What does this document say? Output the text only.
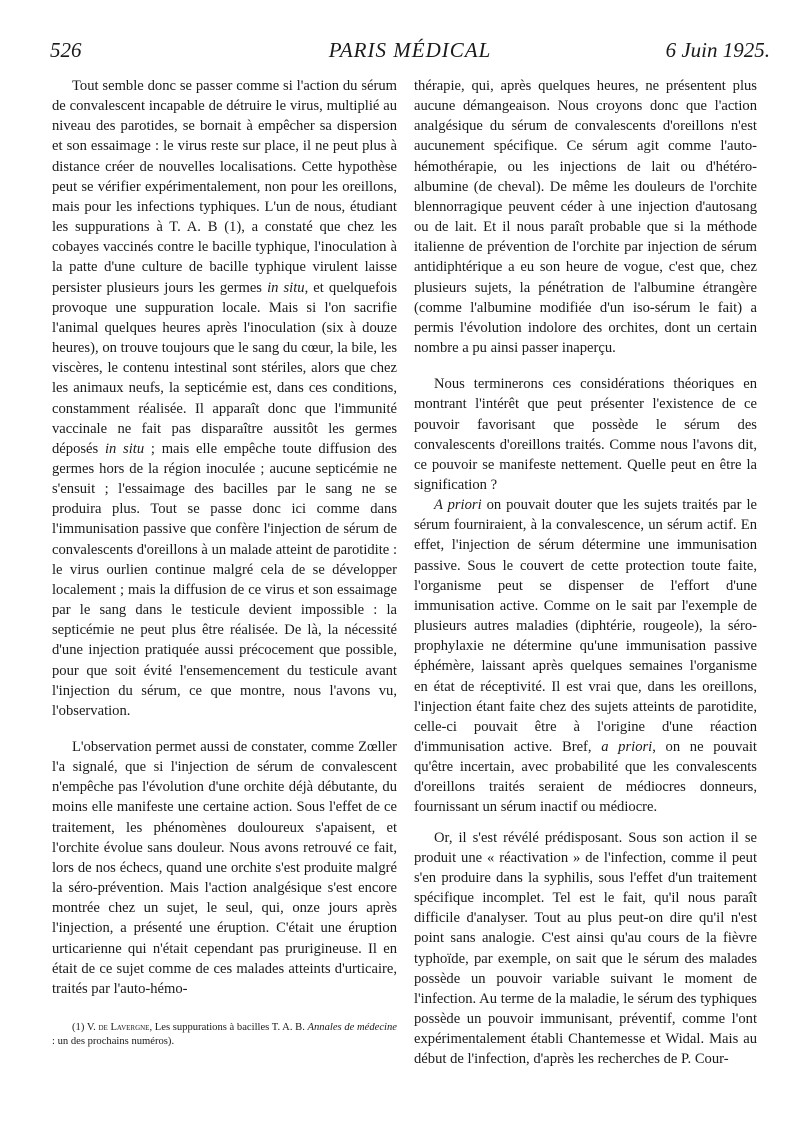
526	PARIS MÉDICAL	6 Juin 1925.

Tout semble donc se passer comme si l'action du sérum de convalescent incapable de détruire le virus, multiplié au niveau des parotides, se bornait à empêcher sa dispersion et son essaimage : le virus reste sur place, il ne peut plus à distance créer de nouvelles localisations. Cette hypothèse peut se vérifier expérimentalement, non pour les oreillons, mais pour les infections typhiques. L'un de nous, étudiant les suppurations à T. A. B (1), a constaté que chez les cobayes vaccinés contre le bacille typhique, l'inoculation à la patte d'une culture de bacille typhique virulent laisse persister plusieurs jours les germes in situ, et quelquefois provoque une suppuration locale. Mais si l'on sacrifie l'animal quelques heures après l'inoculation (six à douze heures), on trouve toujours que le sang du cœur, la bile, les viscères, le contenu intestinal sont stériles, alors que chez les animaux neufs, la septicémie est, dans ces conditions, constamment réalisée. Il apparaît donc que l'immunité vaccinale ne fait pas disparaître aussitôt les germes déposés in situ ; mais elle empêche toute diffusion des germes hors de la région inoculée ; aucune septicémie ne s'ensuit ; l'essaimage des bacilles par le sang ne se produira plus. Tout se passe donc ici comme dans l'immunisation passive que confère l'injection de sérum de convalescents d'oreillons à un malade atteint de parotidite : le virus ourlien continue malgré cela de se développer localement ; mais la diffusion de ce virus et son essaimage par le sang dans le testicule devient impossible : la septicémie ne peut plus être réalisée. De là, la nécessité d'une injection pratiquée aussi précocement que possible, pour que soit évité l'ensemencement du testicule avant l'injection du sérum, ce que montre, nous l'avons vu, l'observation.

L'observation permet aussi de constater, comme Zœller l'a signalé, que si l'injection de sérum de convalescent n'empêche pas l'évolution d'une orchite déjà débutante, du moins elle manifeste une certaine action. Sous l'effet de ce traitement, les phénomènes douloureux s'apaisent, et l'orchite évolue sans douleur. Nous avons retrouvé ce fait, lors de nos échecs, quand une orchite s'est produite malgré la séro-prévention. Mais l'action analgésique s'est encore montrée chez un sujet, le seul, qui, onze jours après l'injection, a présenté une éruption. C'était une éruption urticarienne qui n'était cependant pas prurigineuse. Il en était de ce sujet comme de ces malades atteints d'urticaire, traités par l'auto-hémo-

(1) V. de Lavergne, Les suppurations à bacilles T. A. B. Annales de médecine : un des prochains numéros).

thérapie, qui, après quelques heures, ne présentent plus aucune démangeaison. Nous croyons donc que l'action analgésique du sérum de convalescents d'oreillons n'est aucunement spécifique. Ce sérum agit comme l'auto-hémothérapie, ou les injections de lait ou d'hétéro-albumine (de cheval). De même les douleurs de l'orchite blennorragique peuvent céder à une injection d'autosang ou de lait. Et il nous paraît probable que si la méthode italienne de prévention de l'orchite par injection de sérum antidiphtérique a eu son heure de vogue, c'est que, chez plusieurs sujets, la pénétration de l'albumine étrangère (comme l'albumine modifiée d'un iso-sérum le fait) a permis l'évolution indolore des orchites, dont un certain nombre a pu ainsi passer inaperçu.

Nous terminerons ces considérations théoriques en montrant l'intérêt que peut présenter l'existence de ce pouvoir favorisant que possède le sérum des convalescents d'oreillons traités. Comme nous l'avons dit, ce pouvoir se manifeste nettement. Quelle peut en être la signification ?

A priori on pouvait douter que les sujets traités par le sérum fourniraient, à la convalescence, un sérum actif. En effet, l'injection de sérum détermine une immunisation passive. Sous le couvert de cette protection toute faite, l'organisme peut se dispenser de l'effort d'une immunisation active. Comme on le sait par l'exemple de plusieurs autres maladies (diphtérie, rougeole), la séro-prophylaxie ne détermine qu'une immunisation passive éphémère, laissant après quelques semaines l'organisme en état de réceptivité. Il est vrai que, dans les oreillons, l'injection étant faite chez des sujets atteints de parotidite, celle-ci pouvait être à l'origine d'une réaction d'immunisation active. Bref, a priori, on ne pouvait qu'être incertain, avec probabilité que les convalescents d'oreillons traités seraient de médiocres donneurs, fournissant un sérum inactif ou médiocre.

Or, il s'est révélé prédisposant. Sous son action il se produit une « réactivation » de l'infection, comme il peut s'en produire dans la syphilis, sous l'effet d'un traitement spécifique incomplet. Tel est le fait, qu'il nous paraît difficile d'analyser. Tout au plus peut-on dire qu'il n'est point sans analogie. C'est ainsi qu'au cours de la fièvre typhoïde, par exemple, on sait que le sérum des malades possède un pouvoir variable suivant le moment de l'infection. Au terme de la maladie, le sérum des typhiques possède un pouvoir immunisant, préventif, comme l'ont expérimentalement établi Chantemesse et Widal. Mais au début de l'infection, d'après les recherches de P. Cour-
